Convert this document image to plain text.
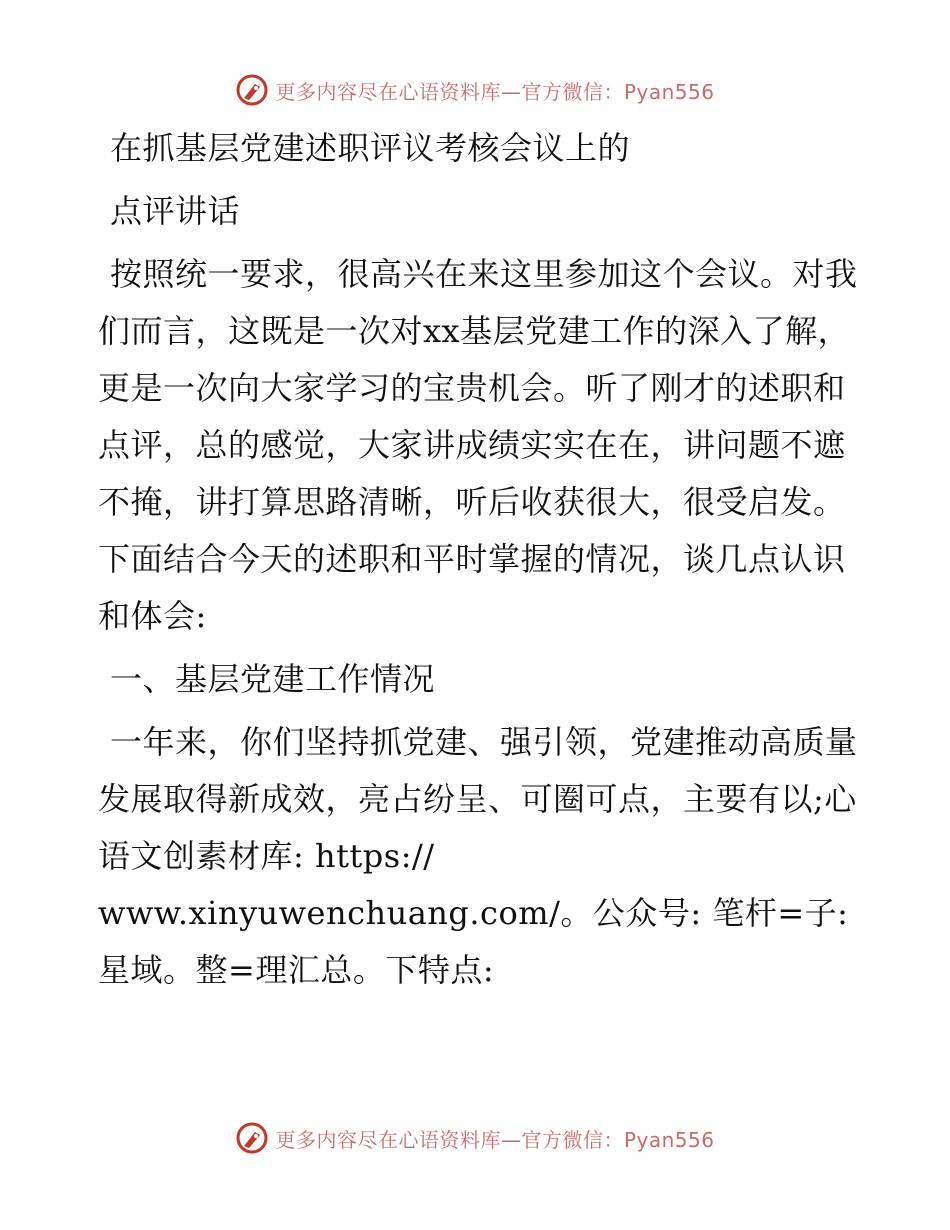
更多内容尽在心语资料库—官方微信：Pyan556

在抓基层党建述职评议考核会议上的

点评讲话

按照统一要求，很高兴在来这里参加这个会议。对我们而言，这既是一次对xx基层党建工作的深入了解，更是一次向大家学习的宝贵机会。听了刚才的述职和点评，总的感觉，大家讲成绩实实在在，讲问题不遮不掩，讲打算思路清晰，听后收获很大，很受启发。下面结合今天的述职和平时掌握的情况，谈几点认识和体会:

一、基层党建工作情况

一年来，你们坚持抓党建、强引领，党建推动高质量发展取得新成效，亮占纷呈、可圈可点，主要有以;心语文创素材库: https://
www.xinyuwenchuang.com/。公众号: 笔杆=子:星域。整=理汇总。下特点:

更多内容尽在心语资料库—官方微信：Pyan556
